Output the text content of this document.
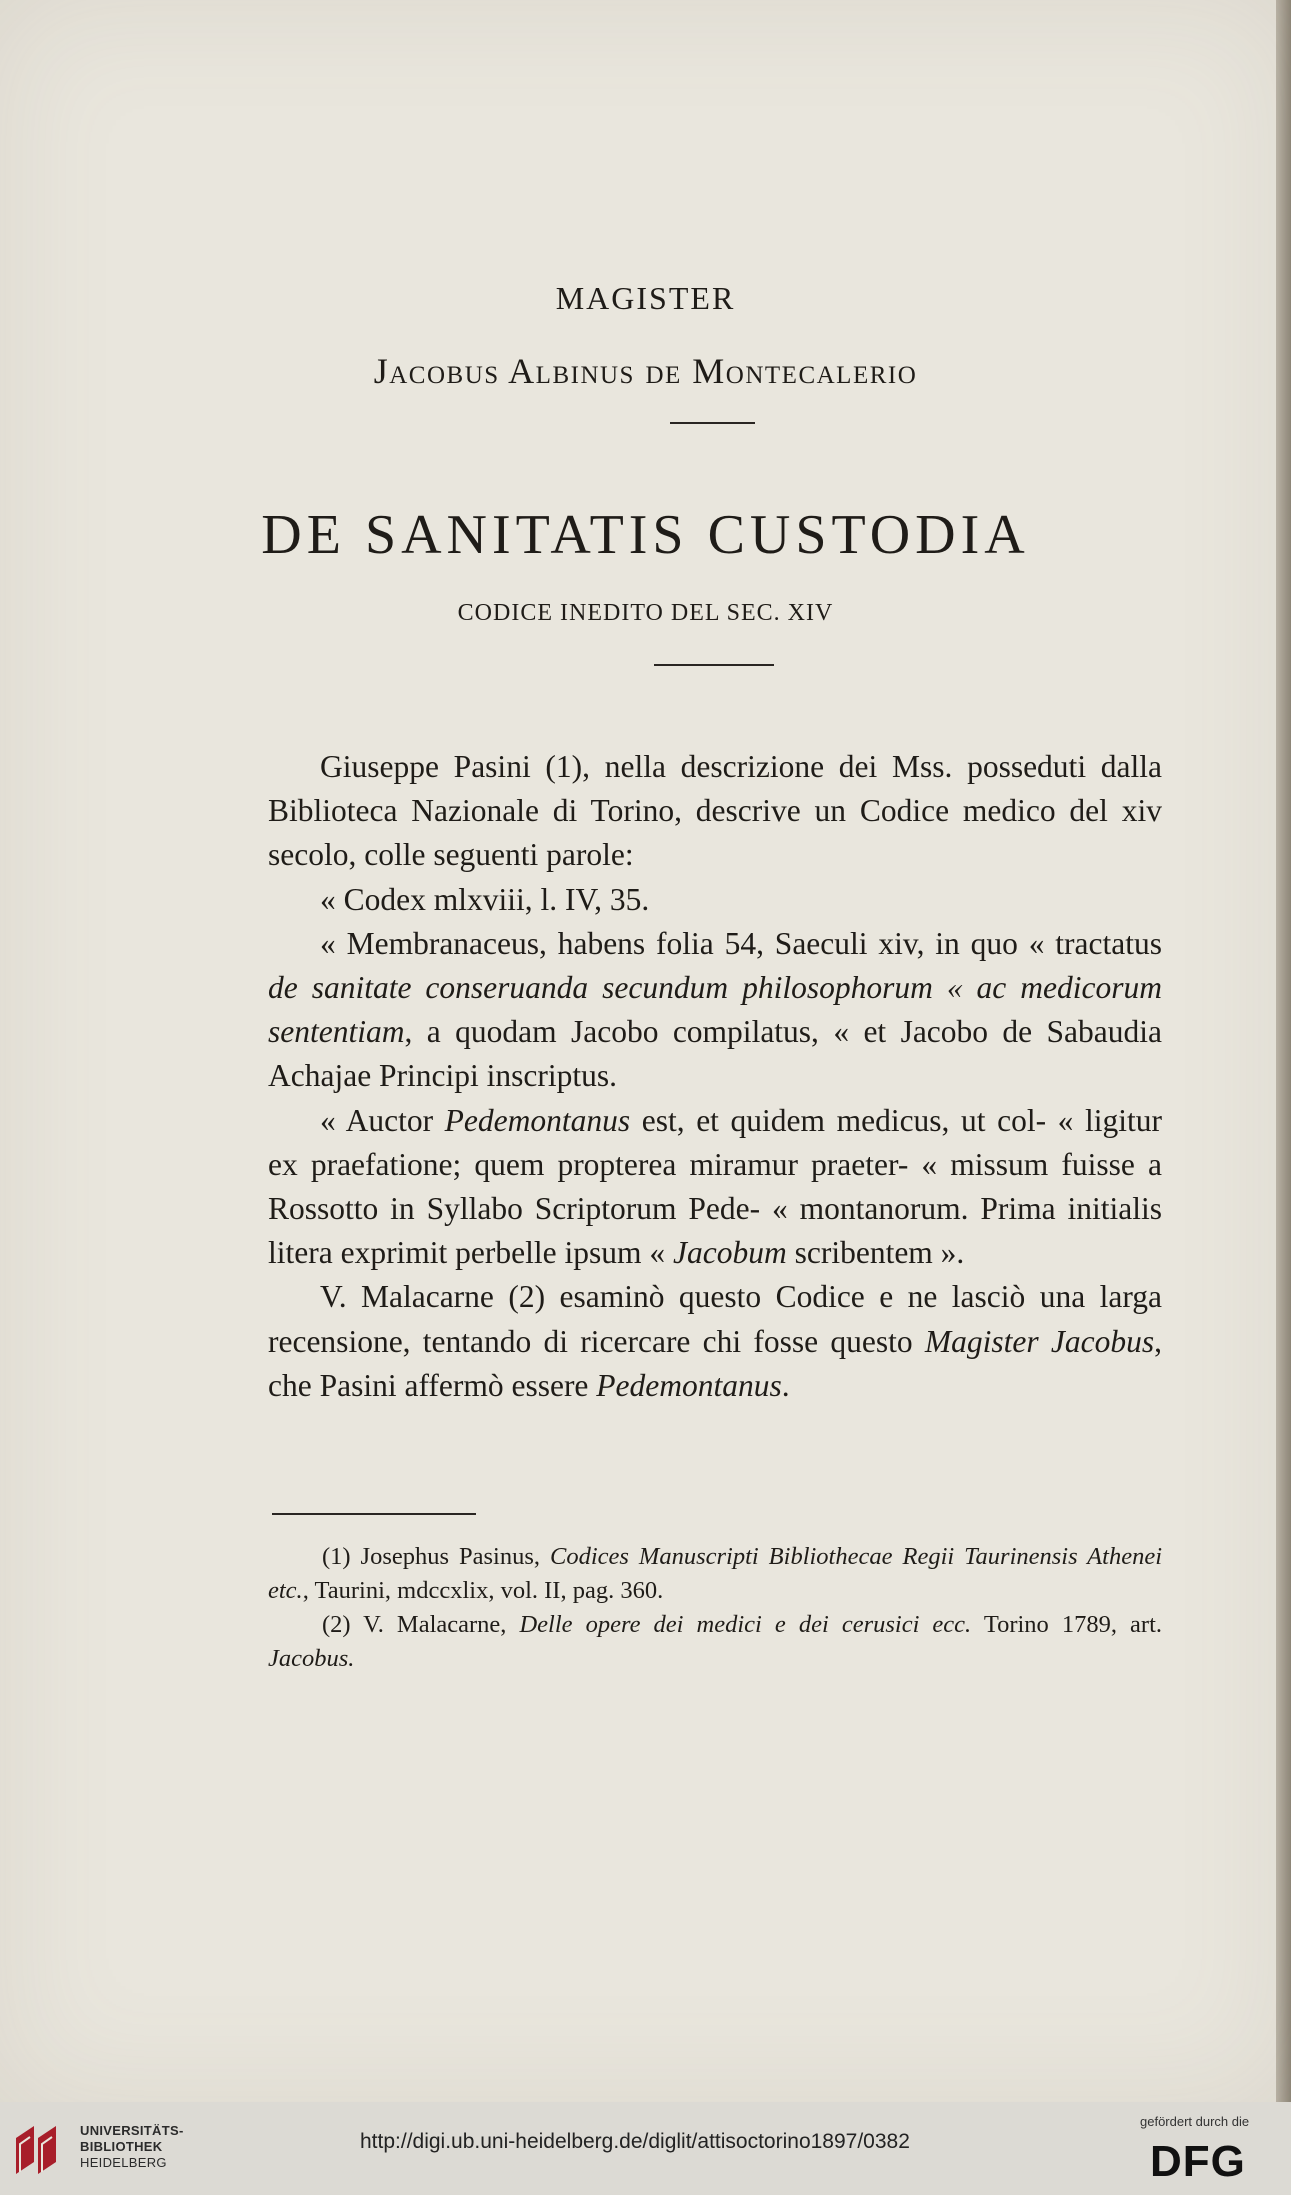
MAGISTER
Jacobus Albinus de Montecalerio
DE SANITATIS CUSTODIA
CODICE INEDITO DEL SEC. XIV

Giuseppe Pasini (1), nella descrizione dei Mss. posseduti dalla Biblioteca Nazionale di Torino, descrive un Codice medico del xiv secolo, colle seguenti parole:

« Codex mlxviii, l. IV, 35.

« Membranaceus, habens folia 54, Saeculi xiv, in quo « tractatus de sanitate conseruanda secundum philosophorum « ac medicorum sententiam, a quodam Jacobo compilatus, « et Jacobo de Sabaudia Achajae Principi inscriptus.

« Auctor Pedemontanus est, et quidem medicus, ut col- « ligitur ex praefatione; quem propterea miramur praeter- « missum fuisse a Rossotto in Syllabo Scriptorum Pede- « montanorum. Prima initialis litera exprimit perbelle ipsum « Jacobum scribentem ».

V. Malacarne (2) esaminò questo Codice e ne lasciò una larga recensione, tentando di ricercare chi fosse questo Magister Jacobus, che Pasini affermò essere Pedemontanus.

(1) Josephus Pasinus, Codices Manuscripti Bibliothecae Regii Taurinensis Athenei etc., Taurini, mdccxlix, vol. II, pag. 360.

(2) V. Malacarne, Delle opere dei medici e dei cerusici ecc. Torino 1789, art. Jacobus.

UNIVERSITÄTS-
BIBLIOTHEK
HEIDELBERG
http://digi.ub.uni-heidelberg.de/diglit/attisoctorino1897/0382
gefördert durch die
DFG
